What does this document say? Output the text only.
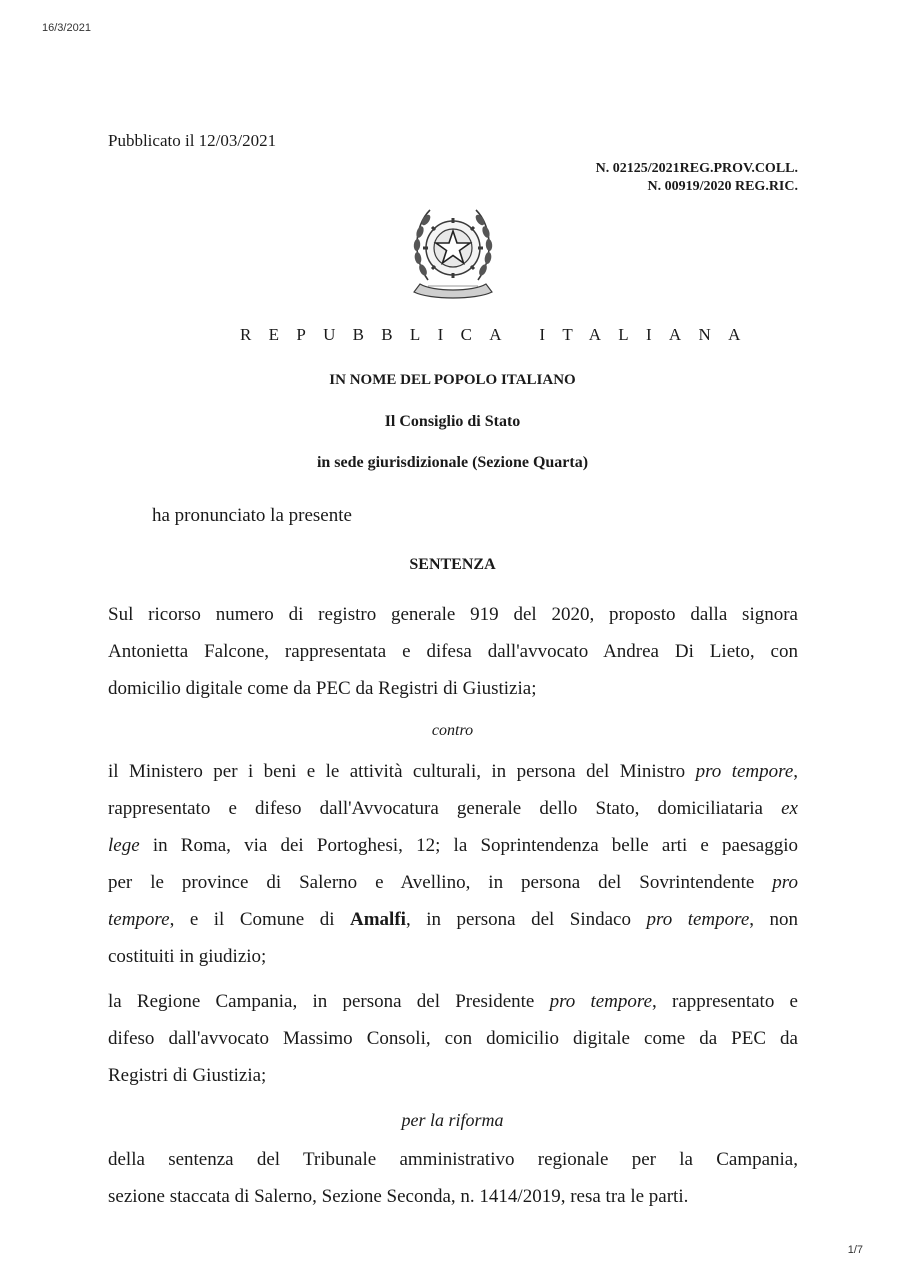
16/3/2021
Pubblicato il 12/03/2021
N. 02125/2021REG.PROV.COLL.
N. 00919/2020 REG.RIC.
REPUBBLICA ITALIANA
IN NOME DEL POPOLO ITALIANO
Il Consiglio di Stato
in sede giurisdizionale (Sezione Quarta)
ha pronunciato la presente
SENTENZA
Sul ricorso numero di registro generale 919 del 2020, proposto dalla signora
Antonietta Falcone, rappresentata e difesa dall'avvocato Andrea Di Lieto, con
domicilio digitale come da PEC da Registri di Giustizia;
contro
il Ministero per i beni e le attività culturali, in persona del Ministro pro tempore,
rappresentato e difeso dall'Avvocatura generale dello Stato, domiciliataria ex
lege in Roma, via dei Portoghesi, 12; la Soprintendenza belle arti e paesaggio
per le province di Salerno e Avellino, in persona del Sovrintendente pro
tempore, e il Comune di Amalfi, in persona del Sindaco pro tempore, non
costituiti in giudizio;
la Regione Campania, in persona del Presidente pro tempore, rappresentato e
difeso dall'avvocato Massimo Consoli, con domicilio digitale come da PEC da
Registri di Giustizia;
per la riforma
della sentenza del Tribunale amministrativo regionale per la Campania,
sezione staccata di Salerno, Sezione Seconda, n. 1414/2019, resa tra le parti.
1/7
